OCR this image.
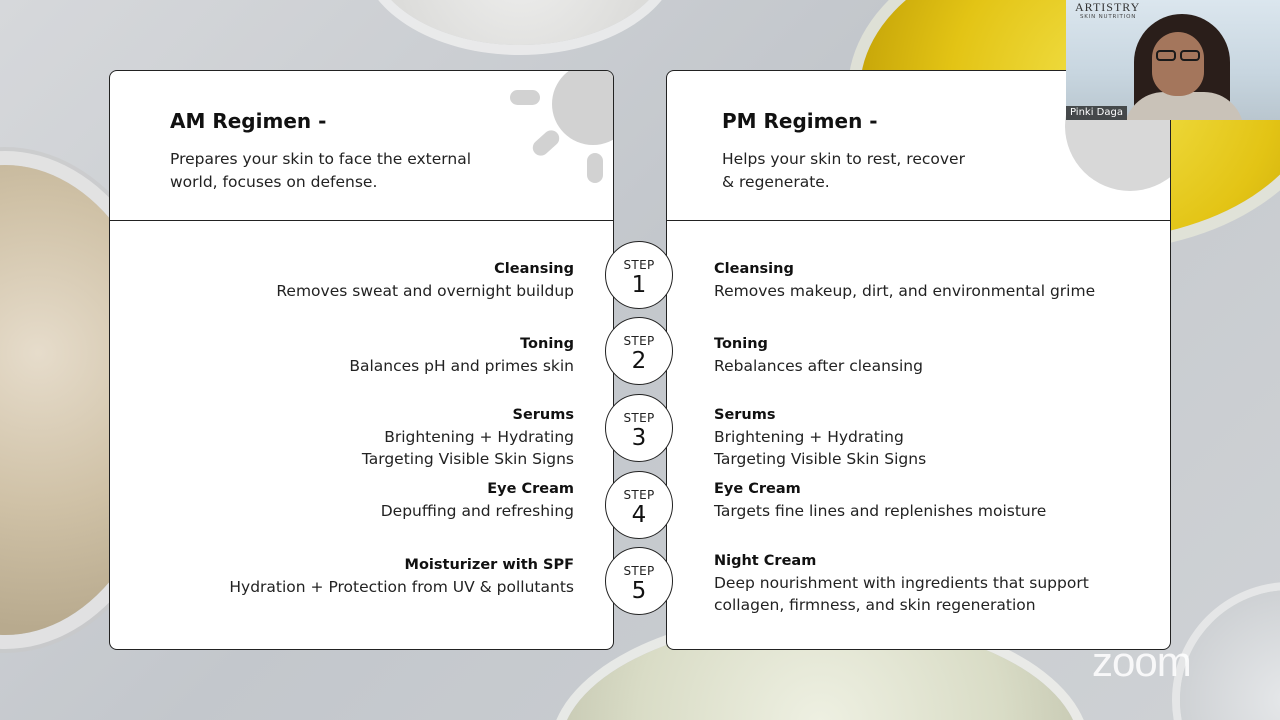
AM Regimen -
Prepares your skin to face the external world, focuses on defense.
Cleansing
Removes sweat and overnight buildup
Toning
Balances pH and primes skin
Serums
Brightening + Hydrating
Targeting Visible Skin Signs
Eye Cream
Depuffing and refreshing
Moisturizer with SPF
Hydration + Protection from UV & pollutants
PM Regimen -
Helps your skin to rest, recover & regenerate.
Cleansing
Removes makeup, dirt, and environmental grime
Toning
Rebalances after cleansing
Serums
Brightening + Hydrating
Targeting Visible Skin Signs
Eye Cream
Targets fine lines and replenishes moisture
Night Cream
Deep nourishment with ingredients that support
collagen, firmness, and skin regeneration
STEP
1
STEP
2
STEP
3
STEP
4
STEP
5
ARTISTRY
SKIN NUTRITION
Pinki Daga
zoom
